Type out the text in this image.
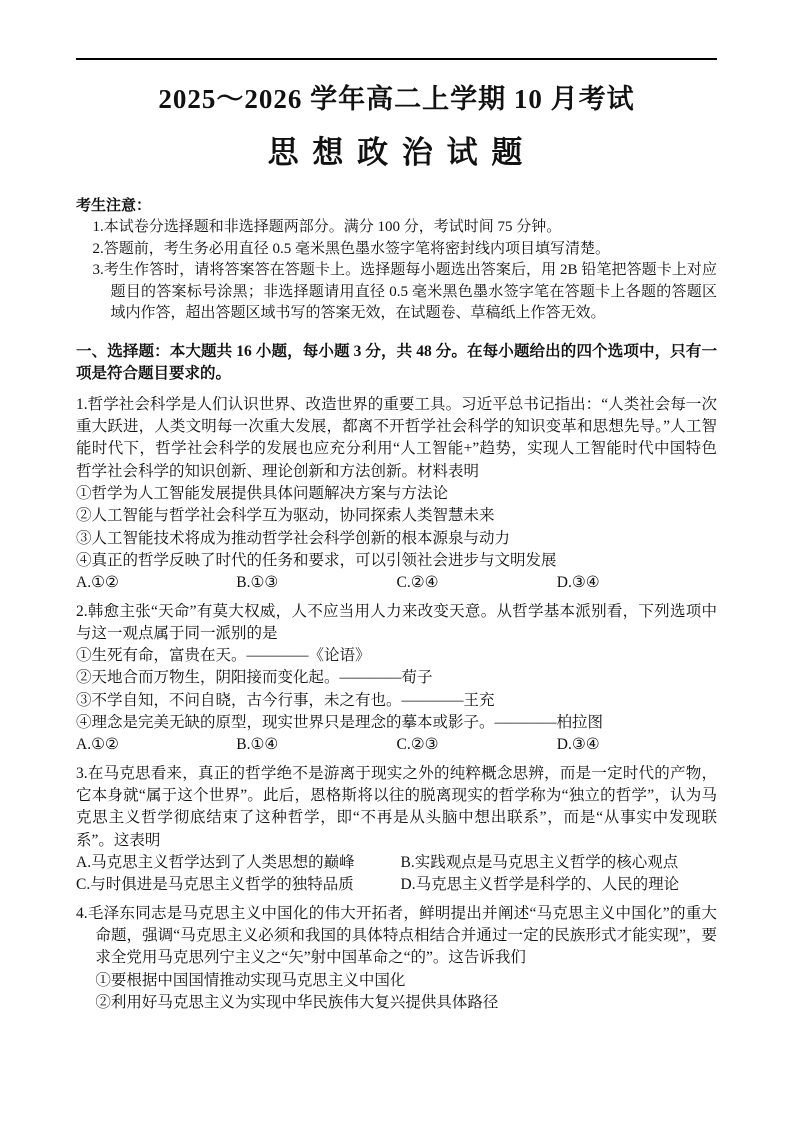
2025～2026 学年高二上学期 10 月考试
思 想 政 治 试 题

考生注意：

1.本试卷分选择题和非选择题两部分。满分 100 分，考试时间 75 分钟。

2.答题前，考生务必用直径 0.5 毫米黑色墨水签字笔将密封线内项目填写清楚。

3.考生作答时，请将答案答在答题卡上。选择题每小题选出答案后，用 2B 铅笔把答题卡上对应题目的答案标号涂黑；非选择题请用直径 0.5 毫米黑色墨水签字笔在答题卡上各题的答题区域内作答，超出答题区域书写的答案无效，在试题卷、草稿纸上作答无效。

一、选择题：本大题共 16 小题，每小题 3 分，共 48 分。在每小题给出的四个选项中，只有一项是符合题目要求的。

1.哲学社会科学是人们认识世界、改造世界的重要工具。习近平总书记指出：“人类社会每一次重大跃进，人类文明每一次重大发展，都离不开哲学社会科学的知识变革和思想先导。”人工智能时代下，哲学社会科学的发展也应充分利用“人工智能+”趋势，实现人工智能时代中国特色哲学社会科学的知识创新、理论创新和方法创新。材料表明

①哲学为人工智能发展提供具体问题解决方案与方法论

②人工智能与哲学社会科学互为驱动，协同探索人类智慧未来

③人工智能技术将成为推动哲学社会科学创新的根本源泉与动力

④真正的哲学反映了时代的任务和要求，可以引领社会进步与文明发展

A.①②	B.①③	C.②④	D.③④

2.韩愈主张“天命”有莫大权威，人不应当用人力来改变天意。从哲学基本派别看，下列选项中与这一观点属于同一派别的是

①生死有命，富贵在天。————《论语》

②天地合而万物生，阴阳接而变化起。————荀子

③不学自知，不问自晓，古今行事，未之有也。————王充

④理念是完美无缺的原型，现实世界只是理念的摹本或影子。————柏拉图

A.①②	B.①④	C.②③	D.③④

3.在马克思看来，真正的哲学绝不是游离于现实之外的纯粹概念思辨，而是一定时代的产物，它本身就“属于这个世界”。此后，恩格斯将以往的脱离现实的哲学称为“独立的哲学”，认为马克思主义哲学彻底结束了这种哲学，即“不再是从头脑中想出联系”，而是“从事实中发现联系”。这表明

A.马克思主义哲学达到了人类思想的巅峰	B.实践观点是马克思主义哲学的核心观点
C.与时俱进是马克思主义哲学的独特品质	D.马克思主义哲学是科学的、人民的理论

4.毛泽东同志是马克思主义中国化的伟大开拓者，鲜明提出并阐述“马克思主义中国化”的重大命题，强调“马克思主义必须和我国的具体特点相结合并通过一定的民族形式才能实现”，要求全党用马克思列宁主义之“矢”射中国革命之“的”。这告诉我们

①要根据中国国情推动实现马克思主义中国化

②利用好马克思主义为实现中华民族伟大复兴提供具体路径
